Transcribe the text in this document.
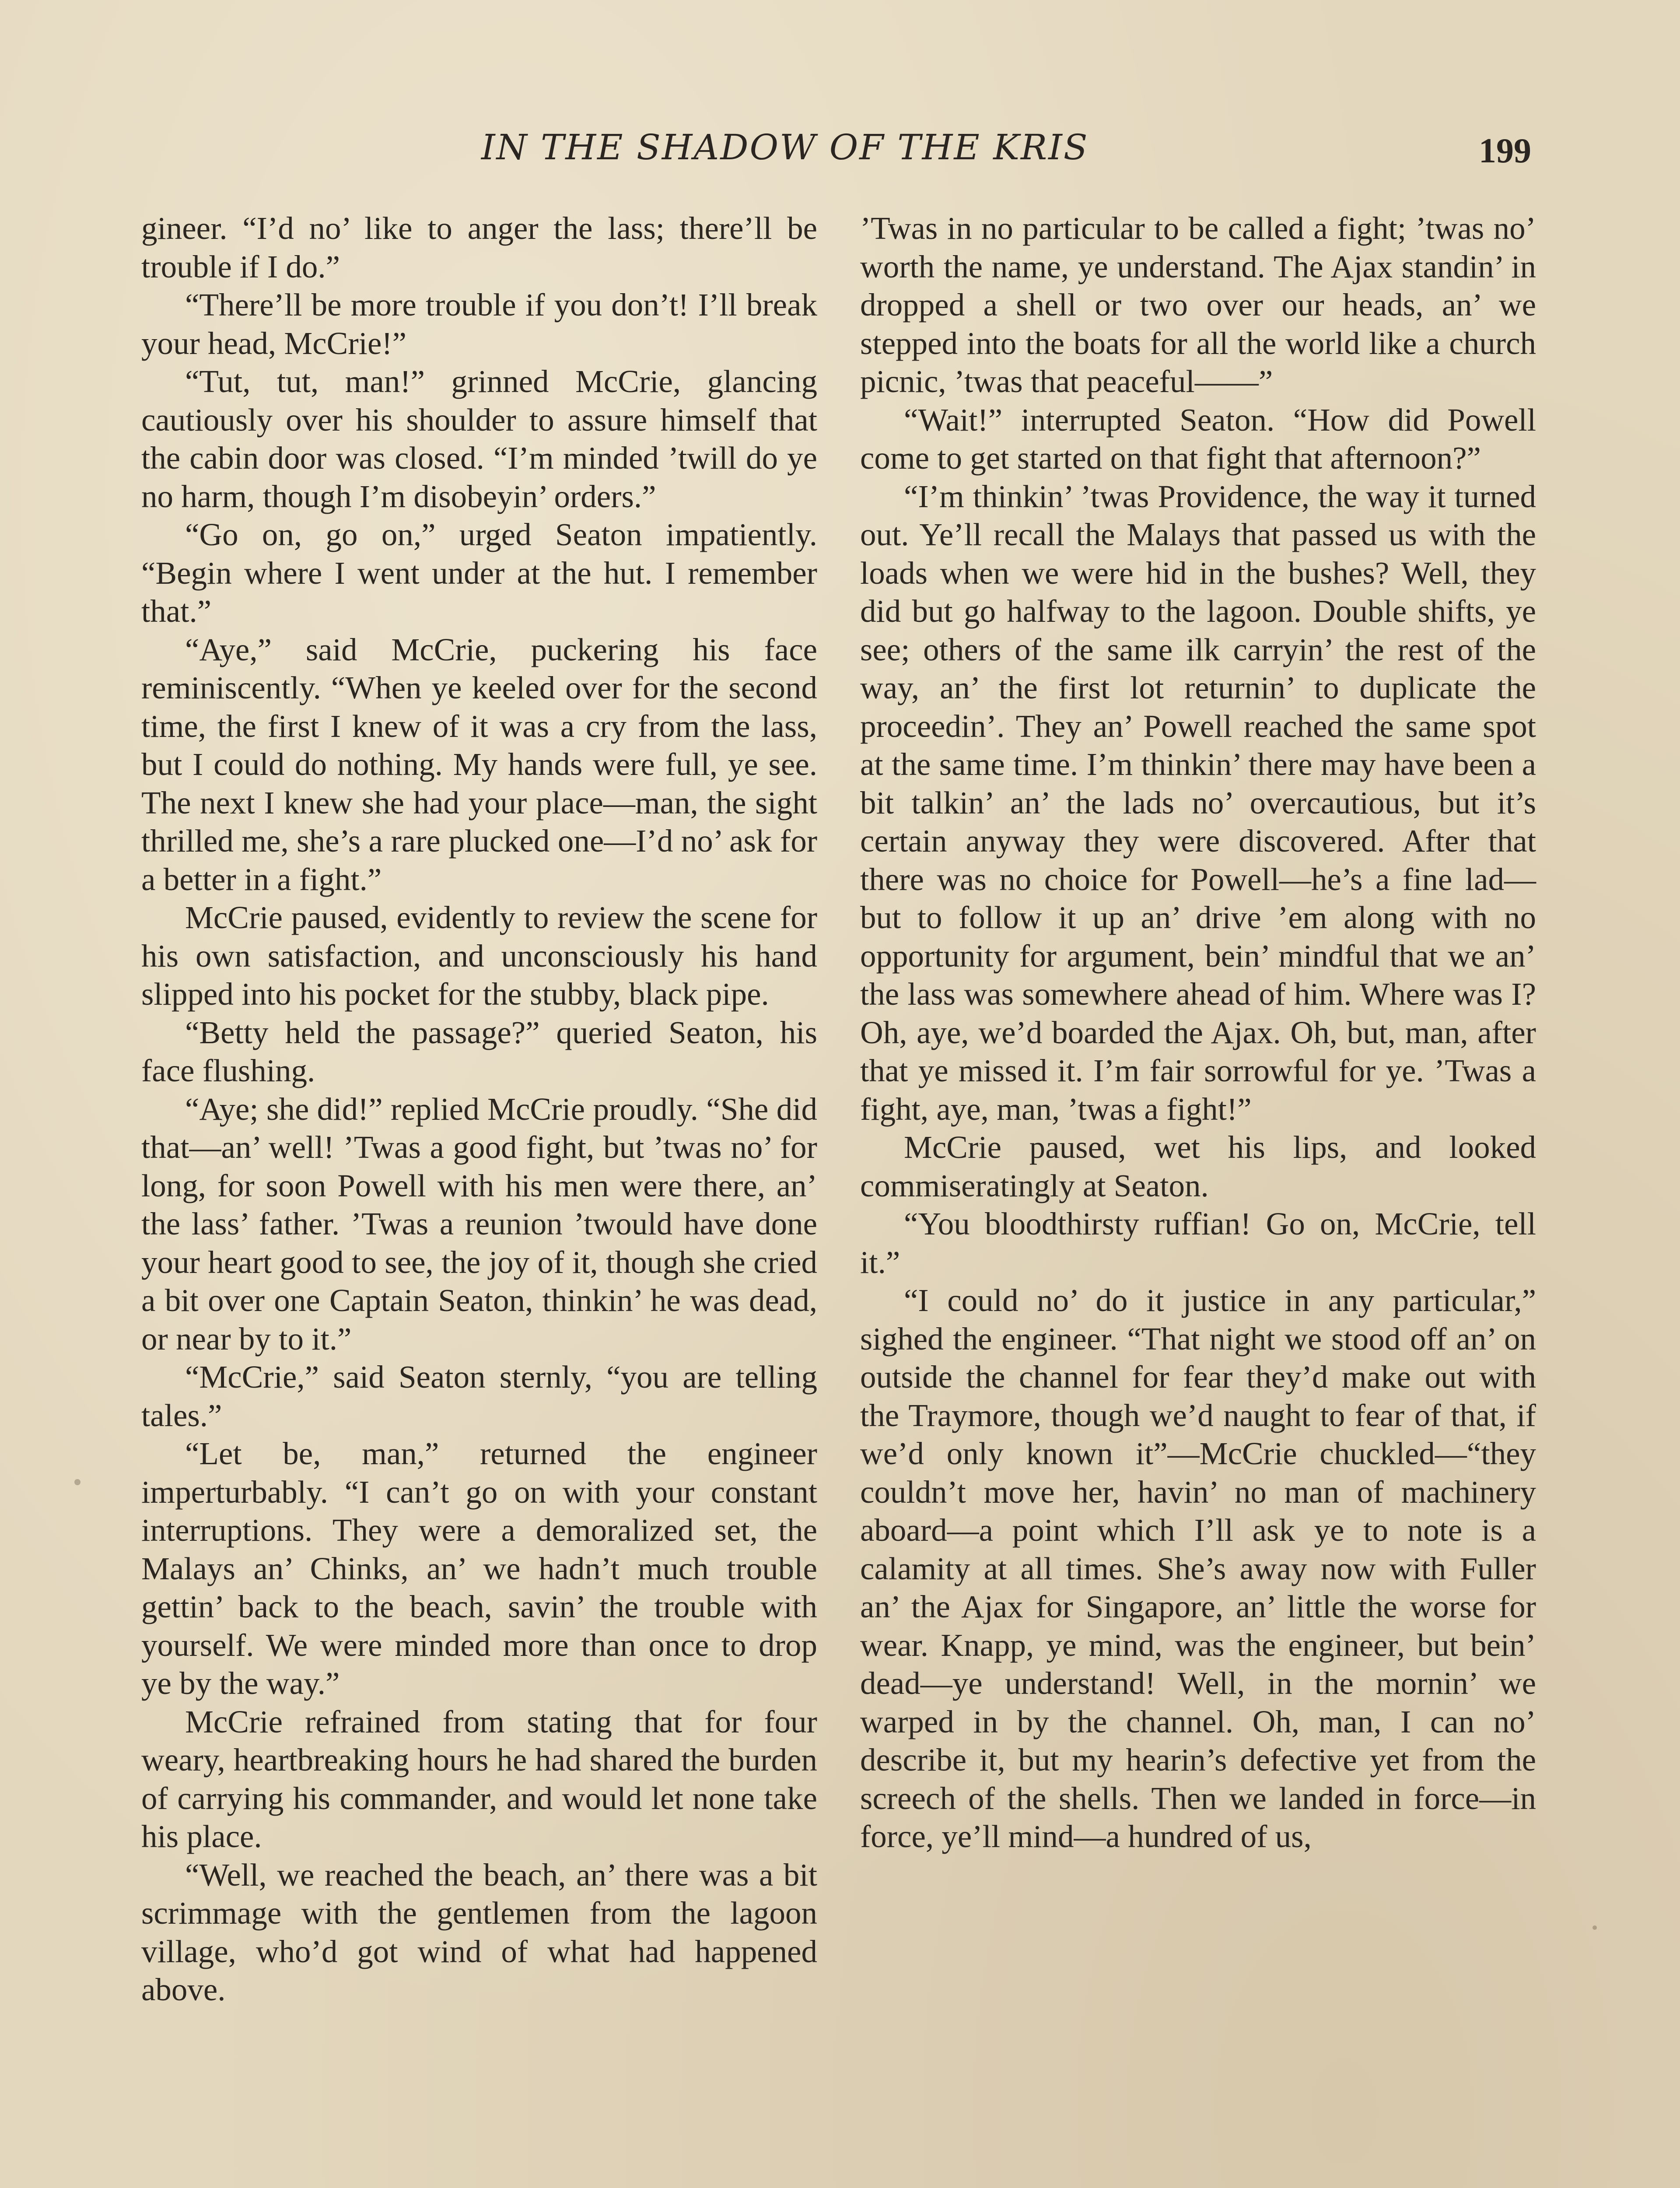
IN THE SHADOW OF THE KRIS	199

gineer. “I’d no’ like to anger the lass; there’ll be trouble if I do.”

“There’ll be more trouble if you don’t! I’ll break your head, McCrie!”

“Tut, tut, man!” grinned McCrie, glancing cautiously over his shoulder to assure himself that the cabin door was closed. “I’m minded ’twill do ye no harm, though I’m disobeyin’ orders.”

“Go on, go on,” urged Seaton impatiently. “Begin where I went under at the hut. I remember that.”

“Aye,” said McCrie, puckering his face reminiscently. “When ye keeled over for the second time, the first I knew of it was a cry from the lass, but I could do nothing. My hands were full, ye see. The next I knew she had your place—man, the sight thrilled me, she’s a rare plucked one—I’d no’ ask for a better in a fight.”

McCrie paused, evidently to review the scene for his own satisfaction, and unconsciously his hand slipped into his pocket for the stubby, black pipe.

“Betty held the passage?” queried Seaton, his face flushing.

“Aye; she did!” replied McCrie proudly. “She did that—an’ well! ’Twas a good fight, but ’twas no’ for long, for soon Powell with his men were there, an’ the lass’ father. ’Twas a reunion ’twould have done your heart good to see, the joy of it, though she cried a bit over one Captain Seaton, thinkin’ he was dead, or near by to it.”

“McCrie,” said Seaton sternly, “you are telling tales.”

“Let be, man,” returned the engineer imperturbably. “I can’t go on with your constant interruptions. They were a demoralized set, the Malays an’ Chinks, an’ we hadn’t much trouble gettin’ back to the beach, savin’ the trouble with yourself. We were minded more than once to drop ye by the way.”

McCrie refrained from stating that for four weary, heartbreaking hours he had shared the burden of carrying his commander, and would let none take his place.

“Well, we reached the beach, an’ there was a bit scrimmage with the gentlemen from the lagoon village, who’d got wind of what had happened above.

’Twas in no particular to be called a fight; ’twas no’ worth the name, ye understand. The Ajax standin’ in dropped a shell or two over our heads, an’ we stepped into the boats for all the world like a church picnic, ’twas that peaceful——”

“Wait!” interrupted Seaton. “How did Powell come to get started on that fight that afternoon?”

“I’m thinkin’ ’twas Providence, the way it turned out. Ye’ll recall the Malays that passed us with the loads when we were hid in the bushes? Well, they did but go halfway to the lagoon. Double shifts, ye see; others of the same ilk carryin’ the rest of the way, an’ the first lot returnin’ to duplicate the proceedin’. They an’ Powell reached the same spot at the same time. I’m thinkin’ there may have been a bit talkin’ an’ the lads no’ overcautious, but it’s certain anyway they were discovered. After that there was no choice for Powell—he’s a fine lad—but to follow it up an’ drive ’em along with no opportunity for argument, bein’ mindful that we an’ the lass was somewhere ahead of him. Where was I? Oh, aye, we’d boarded the Ajax. Oh, but, man, after that ye missed it. I’m fair sorrowful for ye. ’Twas a fight, aye, man, ’twas a fight!”

McCrie paused, wet his lips, and looked commiseratingly at Seaton.

“You bloodthirsty ruffian! Go on, McCrie, tell it.”

“I could no’ do it justice in any particular,” sighed the engineer. “That night we stood off an’ on outside the channel for fear they’d make out with the Traymore, though we’d naught to fear of that, if we’d only known it”—McCrie chuckled—“they couldn’t move her, havin’ no man of machinery aboard—a point which I’ll ask ye to note is a calamity at all times. She’s away now with Fuller an’ the Ajax for Singapore, an’ little the worse for wear. Knapp, ye mind, was the engineer, but bein’ dead—ye understand! Well, in the mornin’ we warped in by the channel. Oh, man, I can no’ describe it, but my hearin’s defective yet from the screech of the shells. Then we landed in force—in force, ye’ll mind—a hundred of us,
